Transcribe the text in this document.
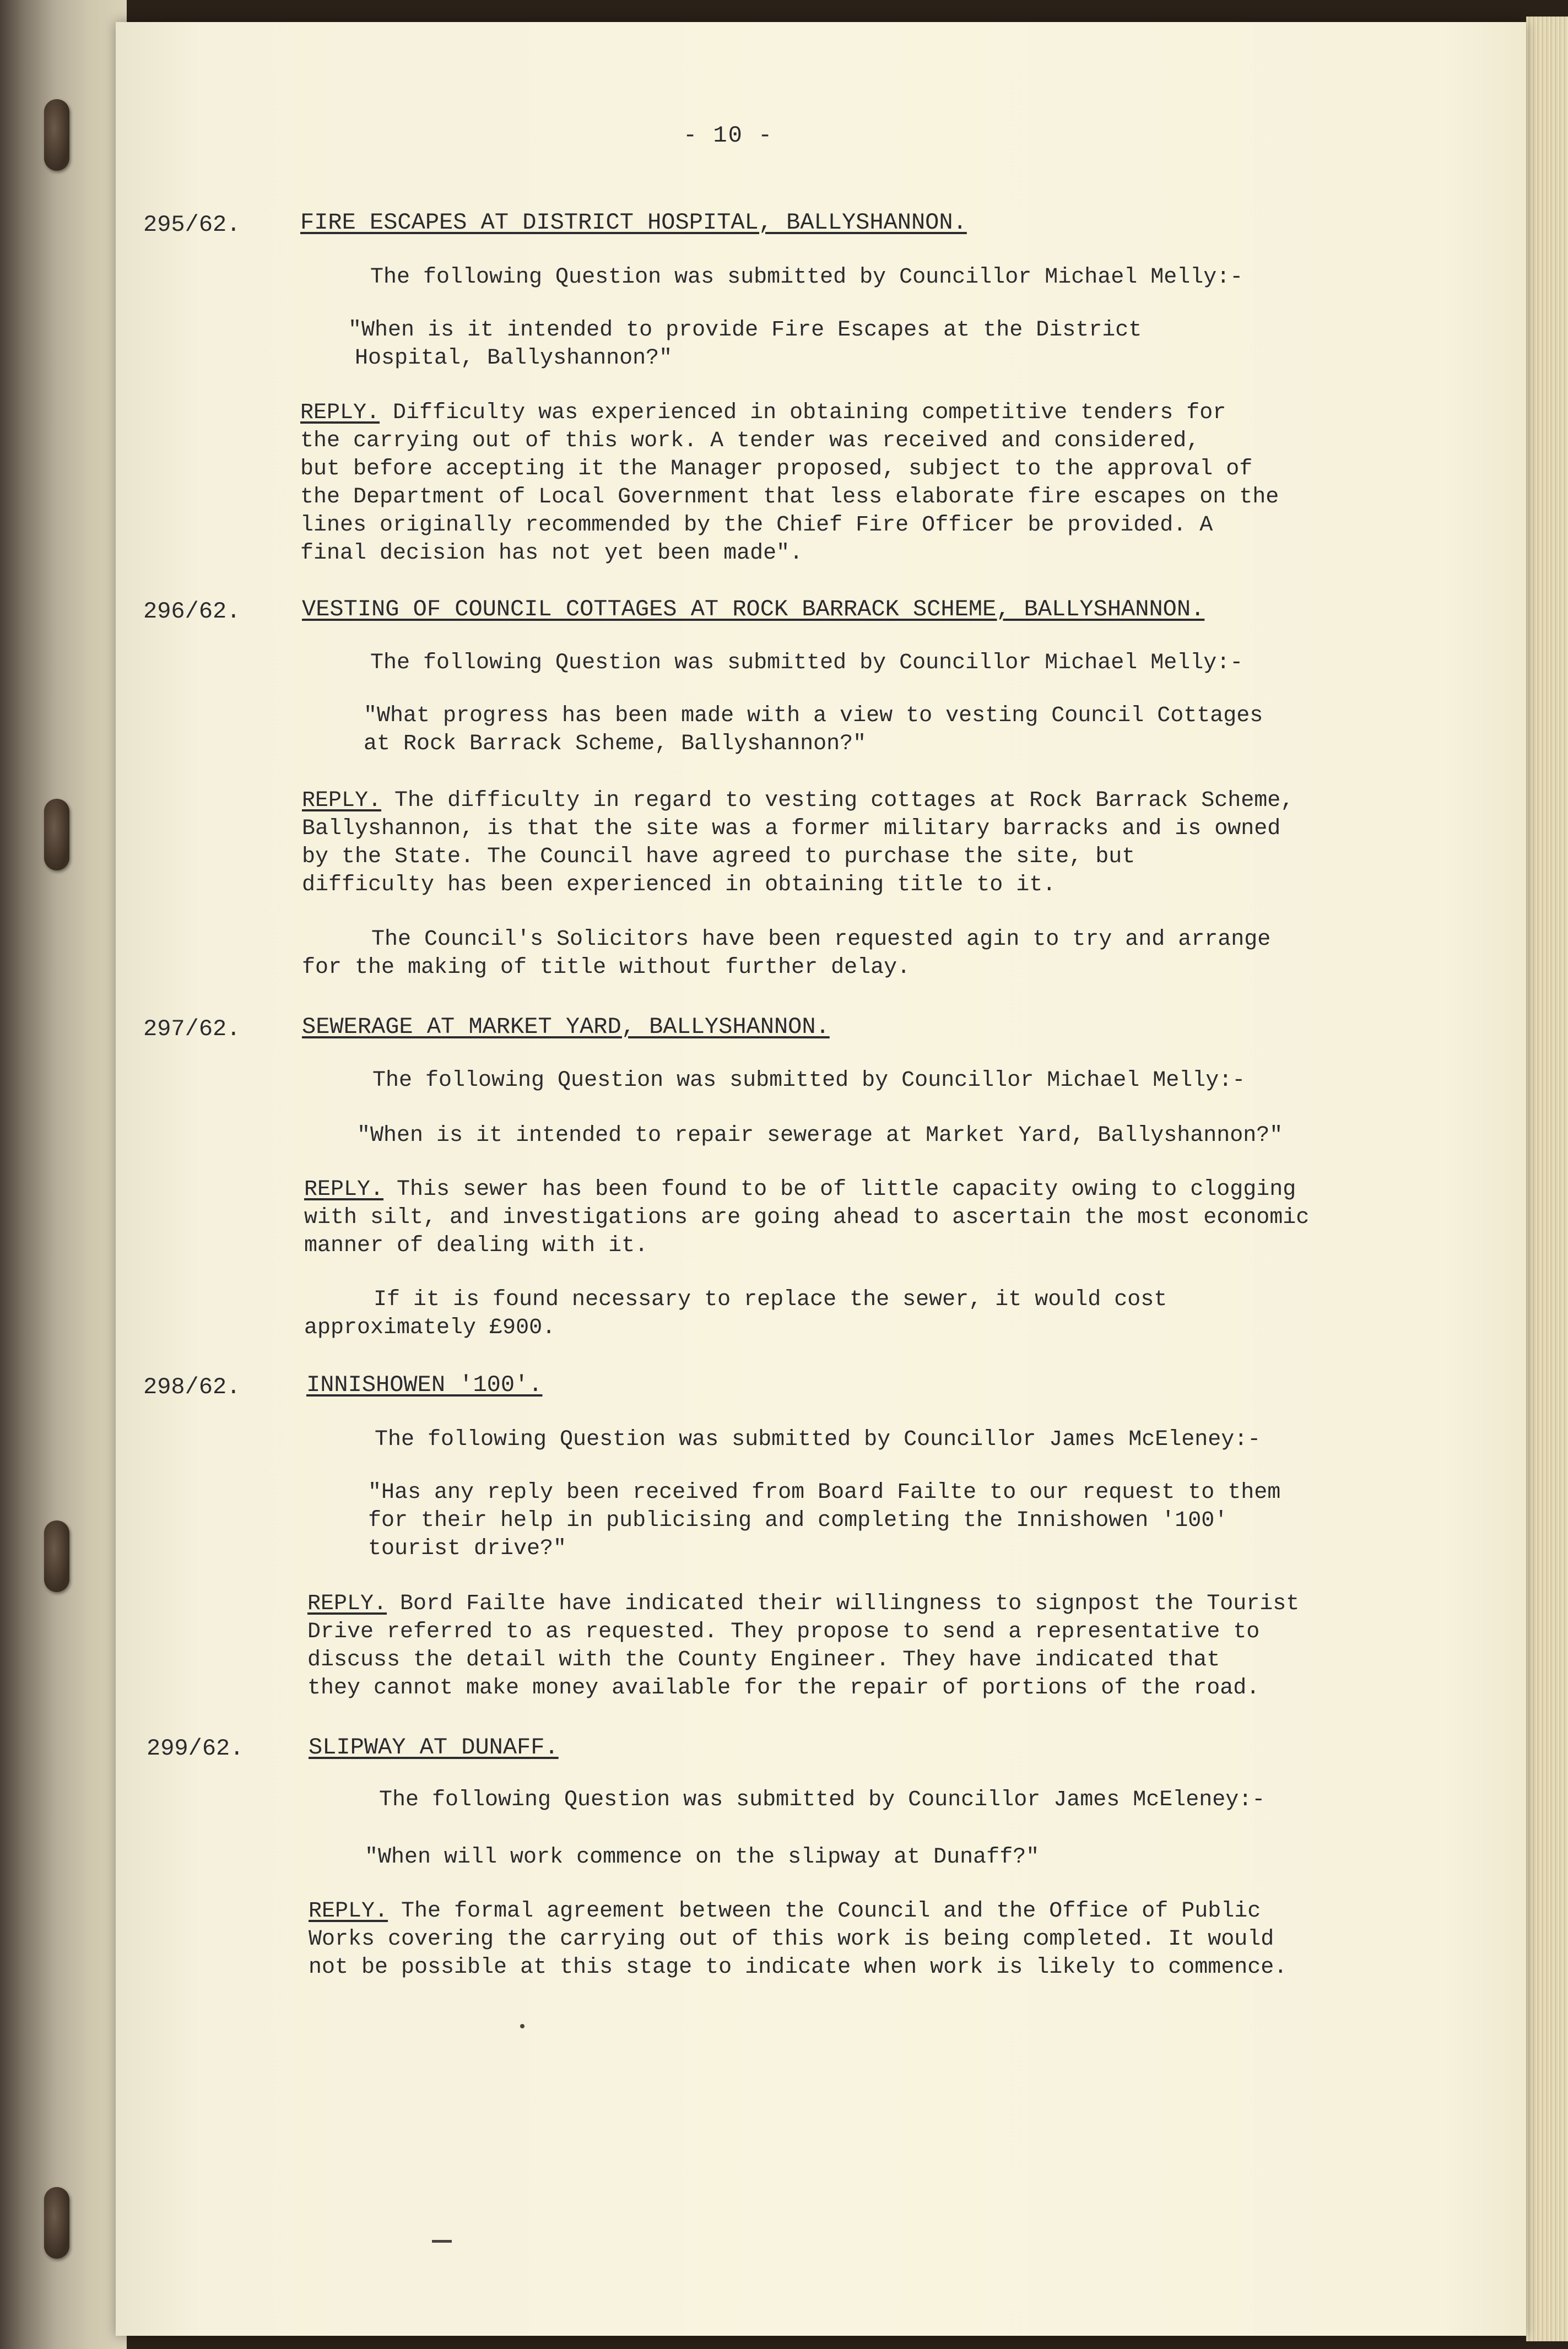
- 10 -
295/62.	FIRE ESCAPES AT DISTRICT HOSPITAL, BALLYSHANNON.
The following Question was submitted by Councillor Michael Melly:-
"When is it intended to provide Fire Escapes at the District
Hospital, Ballyshannon?"
REPLY. Difficulty was experienced in obtaining competitive tenders for
the carrying out of this work. A tender was received and considered,
but before accepting it the Manager proposed, subject to the approval of
the Department of Local Government that less elaborate fire escapes on the
lines originally recommended by the Chief Fire Officer be provided. A
final decision has not yet been made".
296/62.	VESTING OF COUNCIL COTTAGES AT ROCK BARRACK SCHEME, BALLYSHANNON.
The following Question was submitted by Councillor Michael Melly:-
"What progress has been made with a view to vesting Council Cottages
at Rock Barrack Scheme, Ballyshannon?"
REPLY. The difficulty in regard to vesting cottages at Rock Barrack Scheme,
Ballyshannon, is that the site was a former military barracks and is owned
by the State. The Council have agreed to purchase the site, but
difficulty has been experienced in obtaining title to it.
The Council's Solicitors have been requested agin to try and arrange
for the making of title without further delay.
297/62.	SEWERAGE AT MARKET YARD, BALLYSHANNON.
The following Question was submitted by Councillor Michael Melly:-
"When is it intended to repair sewerage at Market Yard, Ballyshannon?"
REPLY. This sewer has been found to be of little capacity owing to clogging
with silt, and investigations are going ahead to ascertain the most economic
manner of dealing with it.
If it is found necessary to replace the sewer, it would cost
approximately £900.
298/62.	INNISHOWEN '100'.
The following Question was submitted by Councillor James McEleney:-
"Has any reply been received from Board Failte to our request to them
for their help in publicising and completing the Innishowen '100'
tourist drive?"
REPLY. Bord Failte have indicated their willingness to signpost the Tourist
Drive referred to as requested. They propose to send a representative to
discuss the detail with the County Engineer. They have indicated that
they cannot make money available for the repair of portions of the road.
299/62.	SLIPWAY AT DUNAFF.
The following Question was submitted by Councillor James McEleney:-
"When will work commence on the slipway at Dunaff?"
REPLY. The formal agreement between the Council and the Office of Public
Works covering the carrying out of this work is being completed. It would
not be possible at this stage to indicate when work is likely to commence.
